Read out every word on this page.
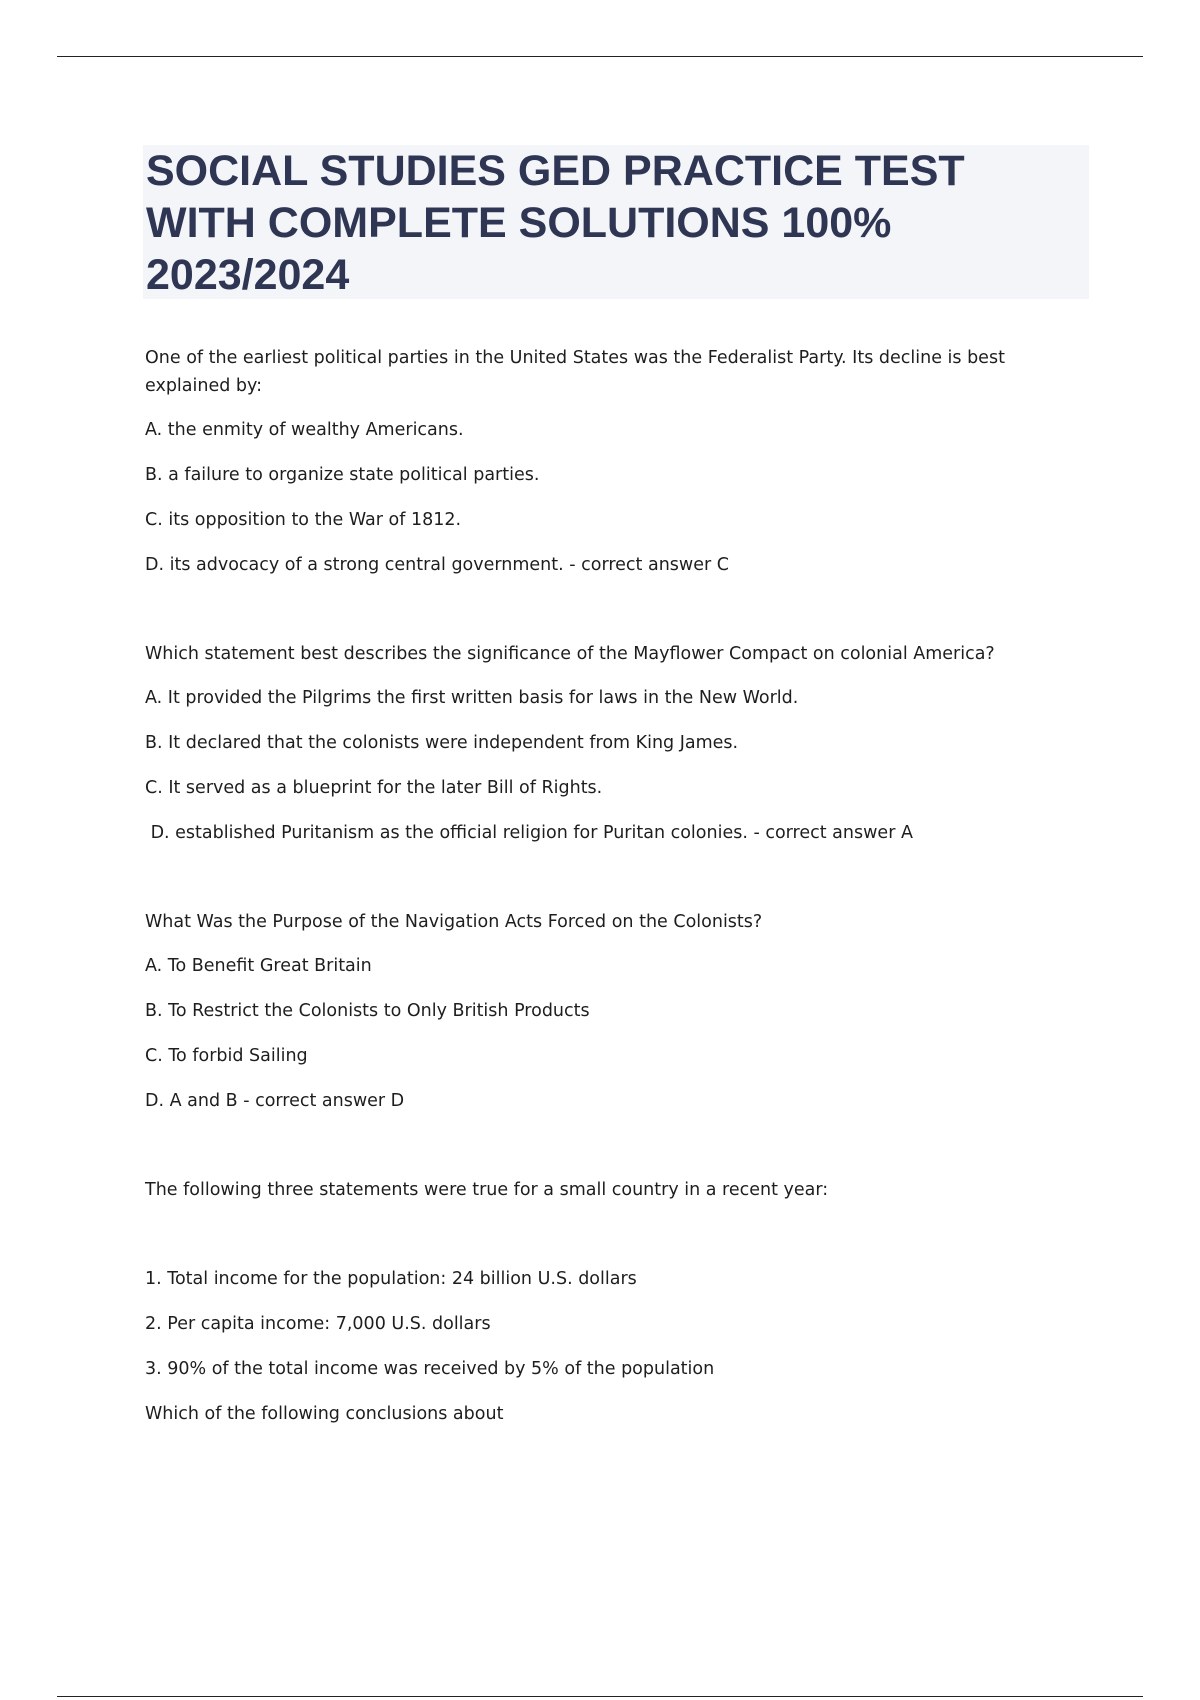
SOCIAL STUDIES GED PRACTICE TEST WITH COMPLETE SOLUTIONS 100% 2023/2024
One of the earliest political parties in the United States was the Federalist Party. Its decline is best explained by:
A. the enmity of wealthy Americans.
B. a failure to organize state political parties.
C. its opposition to the War of 1812.
D. its advocacy of a strong central government. - correct answer C
Which statement best describes the significance of the Mayflower Compact on colonial America?
A. It provided the Pilgrims the first written basis for laws in the New World.
B. It declared that the colonists were independent from King James.
C. It served as a blueprint for the later Bill of Rights.
D. established Puritanism as the official religion for Puritan colonies. - correct answer A
What Was the Purpose of the Navigation Acts Forced on the Colonists?
A. To Benefit Great Britain
B. To Restrict the Colonists to Only British Products
C. To forbid Sailing
D. A and B - correct answer D
The following three statements were true for a small country in a recent year:
1. Total income for the population: 24 billion U.S. dollars
2. Per capita income: 7,000 U.S. dollars
3. 90% of the total income was received by 5% of the population
Which of the following conclusions about
